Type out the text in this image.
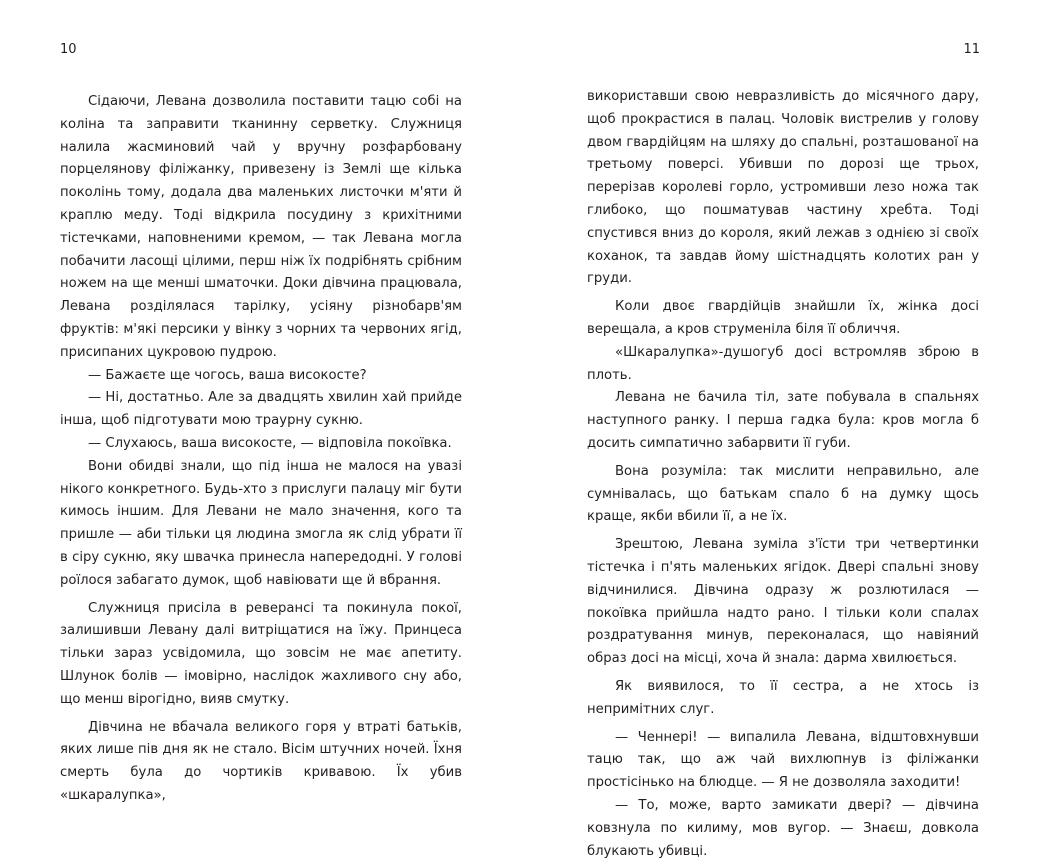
10

Сідаючи, Левана дозволила поставити тацю собі на коліна та заправити тканинну серветку. Служниця налила жасминовий чай у вручну розфарбовану порцелянову філіжанку, привезену із Землі ще кілька поколінь тому, додала два маленьких листочки м'яти й краплю меду. Тоді відкрила посудину з крихітними тістечками, наповненими кремом, — так Левана могла побачити ласощі цілими, перш ніж їх подрібнять срібним ножем на ще менші шматочки. Доки дівчина працювала, Левана розділялася тарілку, усіяну різнобарв'ям фруктів: м'які персики у вінку з чорних та червоних ягід, присипаних цукровою пудрою.

— Бажаєте ще чогось, ваша високосте?

— Ні, достатньо. Але за двадцять хвилин хай прийде інша, щоб підготувати мою траурну сукню.

— Слухаюсь, ваша високосте, — відповіла покоївка.

Вони обидві знали, що під інша не малося на увазі нікого конкретного. Будь-хто з прислуги палацу міг бути кимось іншим. Для Левани не мало значення, кого та пришле — аби тільки ця людина змогла як слід убрати її в сіру сукню, яку швачка принесла напередодні. У голові роїлося забагато думок, щоб навіювати ще й вбрання.

Служниця присіла в реверансі та покинула покої, залишивши Левану далі витріщатися на їжу. Принцеса тільки зараз усвідомила, що зовсім не має апетиту. Шлунок болів — імовірно, наслідок жахливого сну або, що менш вірогідно, вияв смутку.

Дівчина не вбачала великого горя у втраті батьків, яких лише пів дня як не стало. Вісім штучних ночей. Їхня смерть була до чортиків кривавою. Їх убив «шкаралупка»,

11

використавши свою невразливість до місячного дару, щоб прокрастися в палац. Чоловік вистрелив у голову двом гвардійцям на шляху до спальні, розташованої на третьому поверсі. Убивши по дорозі ще трьох, перерізав королеві горло, устромивши лезо ножа так глибоко, що пошматував частину хребта. Тоді спустився вниз до короля, який лежав з однією зі своїх коханок, та завдав йому шістнадцять колотих ран у груди.

Коли двоє гвардійців знайшли їх, жінка досі верещала, а кров струменіла біля її обличчя.

«Шкаралупка»-душогуб досі встромляв зброю в плоть.

Левана не бачила тіл, зате побувала в спальнях наступного ранку. І перша гадка була: кров могла б досить симпатично забарвити її губи.

Вона розуміла: так мислити неправильно, але сумнівалась, що батькам спало б на думку щось краще, якби вбили її, а не їх.

Зрештою, Левана зуміла з'їсти три четвертинки тістечка і п'ять маленьких ягідок. Двері спальні знову відчинилися. Дівчина одразу ж розлютилася — покоївка прийшла надто рано. І тільки коли спалах роздратування минув, переконалася, що навіяний образ досі на місці, хоча й знала: дарма хвилюється.

Як виявилося, то її сестра, а не хтось із непримітних слуг.

— Ченнері! — випалила Левана, відштовхнувши тацю так, що аж чай вихлюпнув із філіжанки простісінько на блюдце. — Я не дозволяла заходити!

— То, може, варто замикати двері? — дівчина ковзнула по килиму, мов вугор. — Знаєш, довкола блукають убивці.
